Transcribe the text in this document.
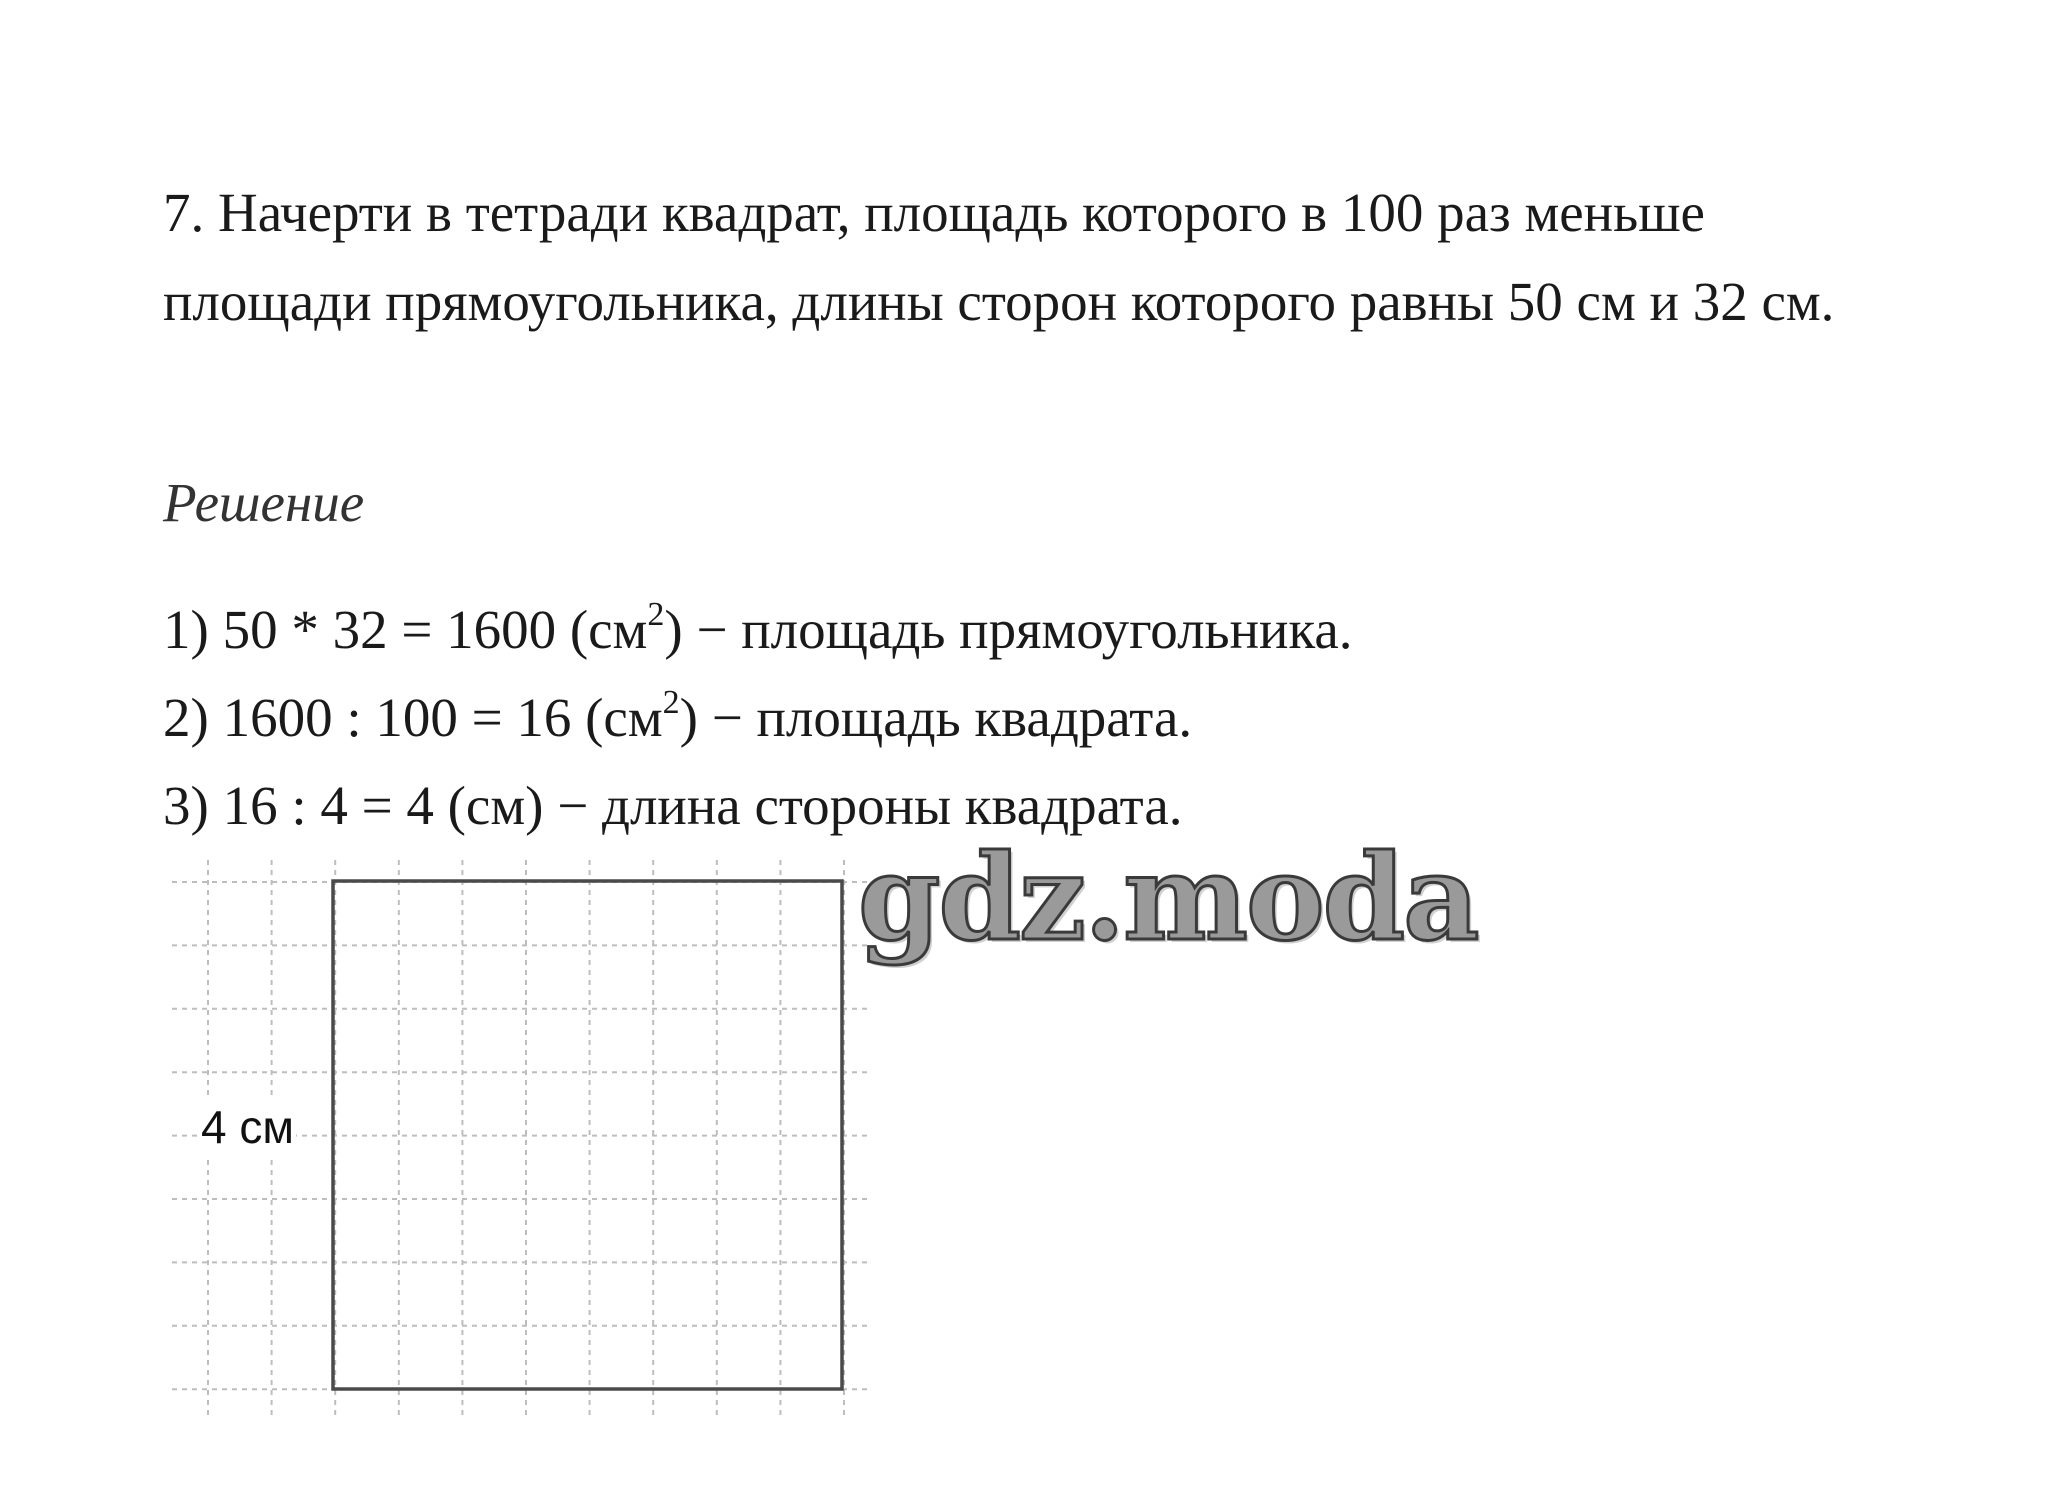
7. Начерти в тетради квадрат, площадь которого в 100 раз меньше площади прямоугольника, длины сторон которого равны 50 см и 32 см.
Решение
1) 50 * 32 = 1600 $(см^2)$ − площадь прямоугольника.
2) 1600 : 100 = 16 $(см^2)$ − площадь квадрата.
3) 16 : 4 = 4 (см) − длина стороны квадрата.
4 см
gdz.moda
